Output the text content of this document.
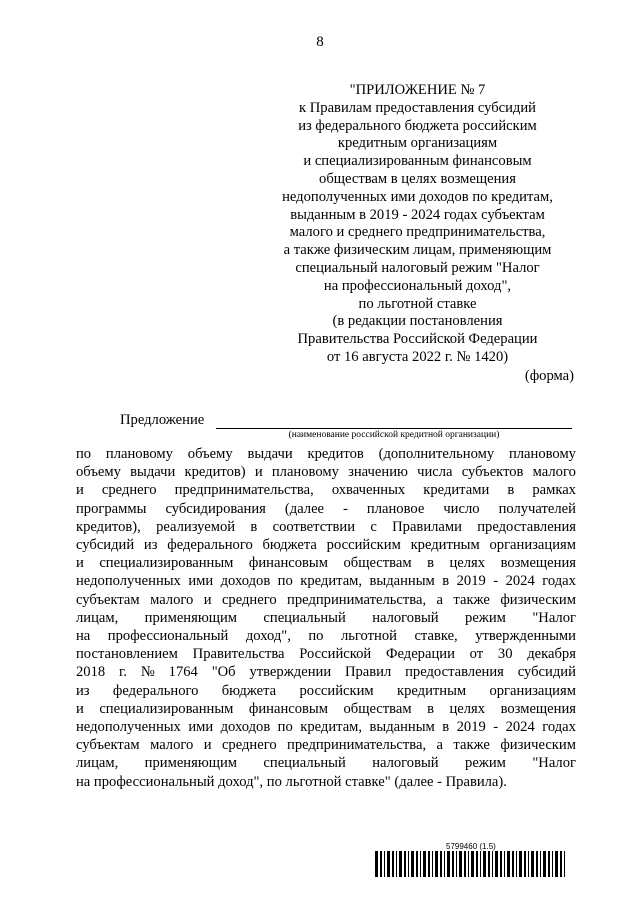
8
"ПРИЛОЖЕНИЕ № 7
к Правилам предоставления субсидий
из федерального бюджета российским
кредитным организациям
и специализированным финансовым
обществам в целях возмещения
недополученных ими доходов по кредитам,
выданным в 2019 - 2024 годах субъектам
малого и среднего предпринимательства,
а также физическим лицам, применяющим
специальный налоговый режим "Налог
на профессиональный доход",
по льготной ставке
(в редакции постановления
Правительства Российской Федерации
от 16 августа 2022 г. № 1420)
(форма)
Предложение
(наименование российской кредитной организации)
по плановому объему выдачи кредитов (дополнительному плановому
объему выдачи кредитов) и плановому значению числа субъектов малого
и среднего предпринимательства, охваченных кредитами в рамках
программы субсидирования (далее - плановое число получателей
кредитов), реализуемой в соответствии с Правилами предоставления
субсидий из федерального бюджета российским кредитным организациям
и специализированным финансовым обществам в целях возмещения
недополученных ими доходов по кредитам, выданным в 2019 - 2024 годах
субъектам малого и среднего предпринимательства, а также физическим
лицам, применяющим специальный налоговый режим "Налог
на профессиональный доход", по льготной ставке, утвержденными
постановлением Правительства Российской Федерации от 30 декабря
2018 г. № 1764 "Об утверждении Правил предоставления субсидий
из федерального бюджета российским кредитным организациям
и специализированным финансовым обществам в целях возмещения
недополученных ими доходов по кредитам, выданным в 2019 - 2024 годах
субъектам малого и среднего предпринимательства, а также физическим
лицам, применяющим специальный налоговый режим "Налог
на профессиональный доход", по льготной ставке" (далее - Правила).
5799460 (1.5)
